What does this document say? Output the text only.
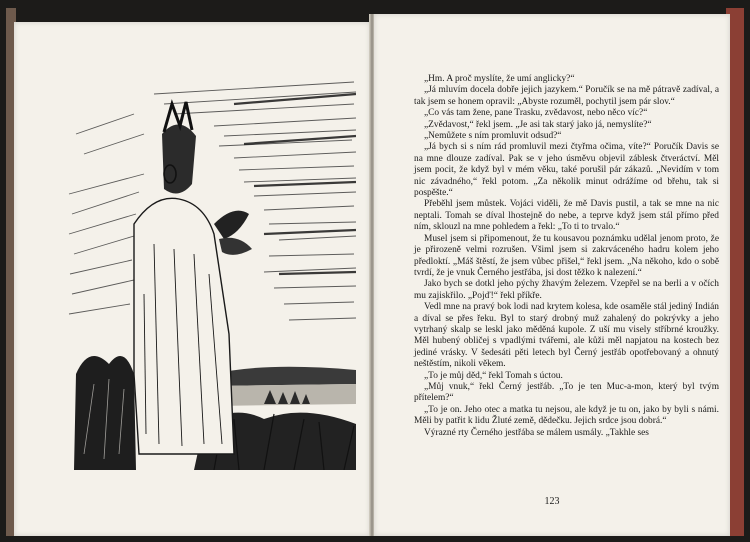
„Hm. A proč myslíte, že umí anglicky?“

„Já mluvím docela dobře jejich jazykem.“ Poručík se na mě pátravě zadíval, a tak jsem se honem opravil: „Abyste rozuměl, pochytil jsem pár slov.“

„Co vás tam žene, pane Trasku, zvědavost, nebo něco víc?“

„Zvědavost,“ řekl jsem. „Je asi tak starý jako já, nemyslíte?“

„Nemůžete s ním promluvit odsud?“

„Já bych si s ním rád promluvil mezi čtyřma očima, víte?“ Poručík Davis se na mne dlouze zadíval. Pak se v jeho úsměvu objevil záblesk čtveráctví. Měl jsem pocit, že když byl v mém věku, také porušil pár zákazů. „Nevidím v tom nic závadného,“ řekl potom. „Za několik minut odrážíme od břehu, tak si pospěšte.“

Přeběhl jsem můstek. Vojáci viděli, že mě Davis pustil, a tak se mne na nic neptali. Tomah se díval lhostejně do nebe, a teprve když jsem stál přímo před ním, sklouzl na mne pohledem a řekl: „To ti to trvalo.“

Musel jsem si připomenout, že tu kousavou poznámku udělal jenom proto, že je přirozeně velmi rozrušen. Všiml jsem si zakrváceného hadru kolem jeho předloktí. „Máš štěstí, že jsem vůbec přišel,“ řekl jsem. „Na někoho, kdo o sobě tvrdí, že je vnuk Černého jestřába, jsi dost těžko k nalezení.“

Jako bych se dotkl jeho pýchy žhavým železem. Vzepřel se na berli a v očích mu zajiskřilo. „Pojď!“ řekl příkře.

Vedl mne na pravý bok lodi nad krytem kolesa, kde osaměle stál jediný Indián a díval se přes řeku. Byl to starý drobný muž zahalený do pokrývky a jeho vytrhaný skalp se leskl jako měděná kupole. Z uší mu visely stříbrné kroužky. Měl hubený obličej s vpadlými tvářemi, ale kůži měl napjatou na kostech bez jediné vrásky. V šedesáti pěti letech byl Černý jestřáb opotřebovaný a ohnutý neštěstím, nikoli věkem.

„To je můj děd,“ řekl Tomah s úctou.

„Můj vnuk,“ řekl Černý jestřáb. „To je ten Muc-a-mon, který byl tvým přítelem?“

„To je on. Jeho otec a matka tu nejsou, ale když je tu on, jako by byli s námi. Měli by patřit k lidu Žluté země, dědečku. Jejich srdce jsou dobrá.“

Výrazné rty Černého jestřába se málem usmály. „Takhle ses

123
